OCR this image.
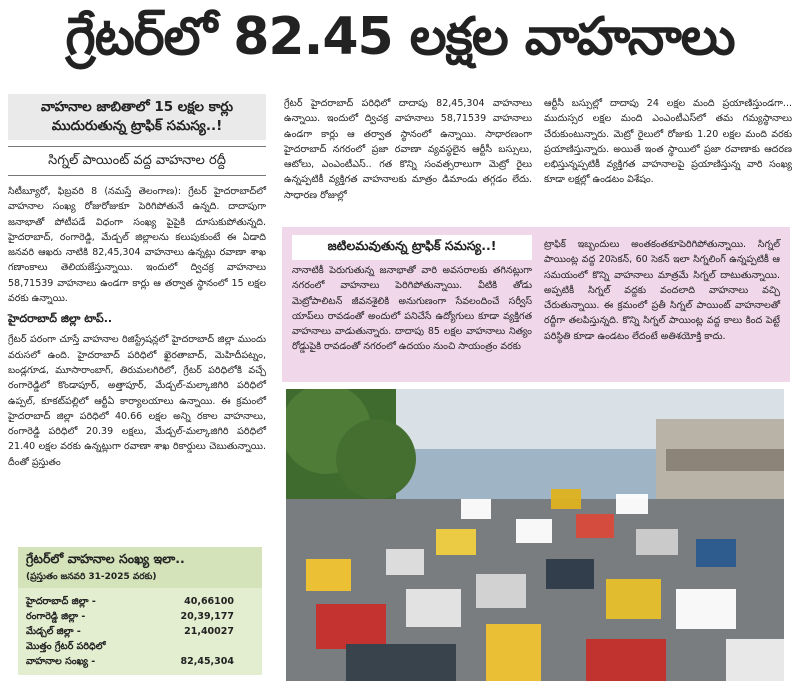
గ్రేటర్‌లో 82.45 లక్షల వాహనాలు
వాహనాల జాబితాలో 15 లక్షల కార్లు
ముదురుతున్న ట్రాఫిక్ సమస్య..!
సిగ్నల్ పాయింట్ వద్ద వాహనాల రద్దీ
సిటీబ్యూరో, ఫిబ్రవరి 8 (నమస్తే తెలంగాణ): గ్రేటర్ హైదరాబాద్‌లో వాహనాల సంఖ్య రోజురోజుకూ పెరిగిపోతునే ఉన్నది. దాదాపుగా జనాభాతో పోటీపడే విధంగా సంఖ్య పైపైకి దూసుకుపోతున్నది. హైదరాబాద్, రంగారెడ్డి, మేడ్చల్ జిల్లాలను కలుపుకుంటే ఈ ఏడాది జనవరి ఆఖరు నాటికి 82,45,304 వాహనాలు ఉన్నట్లు రవాణా శాఖ గణాంకాలు తెలియజేస్తున్నాయి. ఇందులో ద్విచక్ర వాహనాలు 58,71539 వాహనాలు ఉండగా కార్లు ఆ తర్వాత స్థానంలో 15 లక్షల వరకు ఉన్నాయి.
హైదరాబాద్ జిల్లా టాప్..
గ్రేటర్ పరంగా చూస్తే వాహనాల రిజిస్ట్రేషన్లలో హైదరాబాద్ జిల్లా ముందు వరుసలో ఉంది. హైదరాబాద్ పరిధిలో ఖైరతాబాద్, మెహిదీపట్నం, బండ్లగూడ, మూసారాంబాగ్, తిరుమలగిరిలో, గ్రేటర్ పరిధిలోకి వచ్చే రంగారెడ్డిలో కొండాపూర్, అత్తాపూర్, మేడ్చల్-మల్కాజిగిరి పరిధిలో ఉప్పల్, కూకట్‌పల్లిలో ఆర్టీఏ కార్యాలయాలు ఉన్నాయి. ఈ క్రమంలో హైదరాబాద్ జిల్లా పరిధిలో 40.66 లక్షల అన్ని రకాల వాహనాలు, రంగారెడ్డి పరిధిలో 20.39 లక్షలు, మేడ్చల్-మల్కాజిగిరి పరిధిలో 21.40 లక్షల వరకు ఉన్నట్లుగా రవాణా శాఖ రికార్డులు చెబుతున్నాయి. దీంతో ప్రస్తుతం
గ్రేటర్ హైదరాబాద్ పరిధిలో దాదాపు 82,45,304 వాహనాలు ఉన్నాయి. ఇందులో ద్విచక్ర వాహనాలు 58,71539 వాహనాలు ఉండగా కార్లు ఆ తర్వాత స్థానంలో ఉన్నాయి. సాధారణంగా హైదరాబాద్ నగరంలో ప్రజా రవాణా వ్యవస్థలైన ఆర్టీసీ బస్సులు, ఆటోలు, ఎంఎంటీఎస్.. గత కొన్ని సంవత్సరాలుగా మెట్రో రైలు ఉన్నప్పటికీ వ్యక్తిగత వాహనాలకు మాత్రం డిమాండు తగ్గడం లేదు. సాధారణ రోజుల్లో
ఆర్టీసీ బస్సుల్లో దాదాపు 24 లక్షల మంది ప్రయాణిస్తుండగా... ముదుస్సర లక్షల మంది ఎంఎంటీఎస్‌లో తమ గమ్యస్థానాలు చేరుకుంటున్నారు. మెట్రో రైలులో రోజుకు 1.20 లక్షల మంది వరకు ప్రయాణిస్తున్నారు. అయితే ఇంత స్థాయిలో ప్రజా రవాణాకు ఆదరణ లభిస్తున్నప్పటికీ వ్యక్తిగత వాహనాలపై ప్రయాణిస్తున్న వారి సంఖ్య కూడా లక్షల్లో ఉండటం విశేషం.
జటిలమవుతున్న ట్రాఫిక్ సమస్య..!
నానాటికీ పెరుగుతున్న జనాభాతో వారి అవసరాలకు తగినట్లుగా నగరంలో వాహనాలు పెరిగిపోతున్నాయి. వీటికి తోడు మెట్రోపాలిటన్ జీవనశైలికి అనుగుణంగా సేవలందించే సర్వీస్ యాప్‌లు రావడంతో అందులో పనిచేసే ఉద్యోగులు కూడా వ్యక్తిగత వాహనాలు వాడుతున్నారు. దాదాపు 85 లక్షల వాహనాలు నిత్యం రోడ్డుపైకి రావడంతో నగరంలో ఉదయం నుంచి సాయంత్రం వరకు
ట్రాఫిక్ ఇబ్బందులు అంతకంతకూపెరిగిపోతున్నాయి. సిగ్నల్ పాయింట్ల వద్ద 20సెకన్, 60 సెకన్ ఇలా సిగ్నలింగ్ ఉన్నప్పటికీ ఆ సమయంలో కొన్ని వాహనాలు మాత్రమే సిగ్నల్ దాటుతున్నాయి. అప్పటికీ సిగ్నల్ వద్దకు వందలాది వాహనాలు వచ్చి చేరుతున్నాయి. ఈ క్రమంలో ప్రతీ సిగ్నల్ పాయింట్ వాహనాలతో రద్దీగా తలపిస్తున్నది. కొన్ని సిగ్నల్ పాయింట్ల వద్ద కాలు కింద పెట్టే పరిస్థితి కూడా ఉండటం లేదంటే అతిశయోక్తి కాదు.
గ్రేటర్‌లో వాహనాల సంఖ్య ఇలా..
(ప్రస్తుతం జనవరి 31-2025 వరకు)
హైదరాబాద్ జిల్లా -	40,66100
రంగారెడ్డి జిల్లా -	20,39,177
మేడ్చల్ జిల్లా -	21,40027
మొత్తం గ్రేటర్ పరిధిలో
వాహనాల సంఖ్య -	82,45,304
